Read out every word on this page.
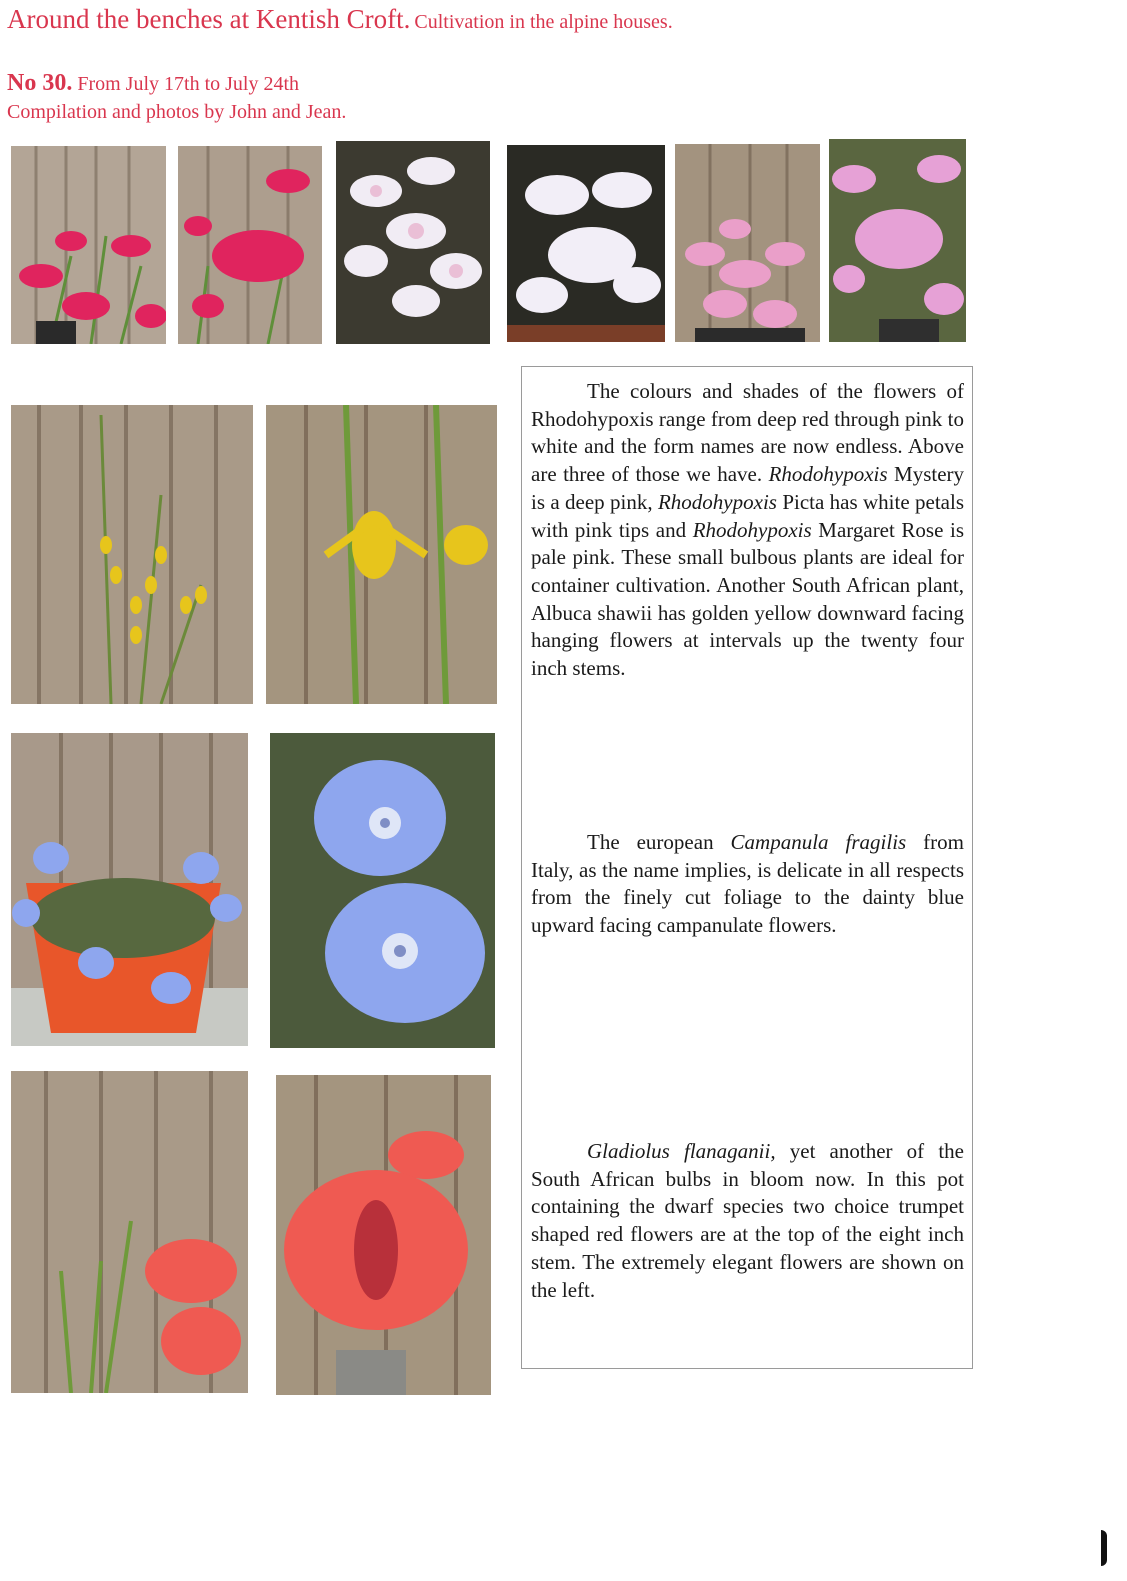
Around the benches at Kentish Croft. Cultivation in the alpine houses.
No 30. From July 17th to July 24th
Compilation and photos by John and Jean.

The colours and shades of the flowers of Rhodohypoxis range from deep red through pink to white and the form names are now endless. Above are three of those we have. Rhodohypoxis Mystery is a deep pink, Rhodohypoxis Picta has white petals with pink tips and Rhodohypoxis Margaret Rose is pale pink. These small bulbous plants are ideal for container cultivation. Another South African plant, Albuca shawii has golden yellow downward facing hanging flowers at intervals up the twenty four inch stems.

The european Campanula fragilis from Italy, as the name implies, is delicate in all respects from the finely cut foliage to the dainty blue upward facing campanulate flowers.

Gladiolus flanaganii, yet another of the South African bulbs in bloom now. In this pot containing the dwarf species two choice trumpet shaped red flowers are at the top of the eight inch stem. The extremely elegant flowers are shown on the left.
